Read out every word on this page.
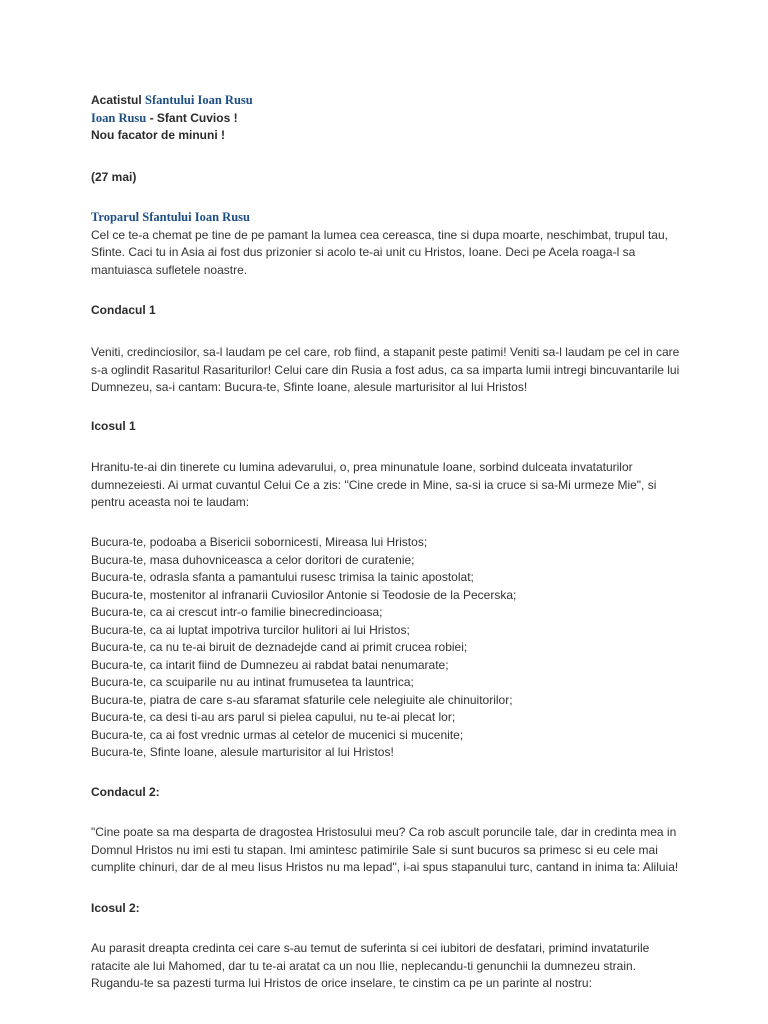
Acatistul Sfantului Ioan Rusu
Ioan Rusu - Sfant Cuvios !
Nou facator de minuni !
(27 mai)
Troparul Sfantului Ioan Rusu

Cel ce te-a chemat pe tine de pe pamant la lumea cea cereasca, tine si dupa moarte, neschimbat, trupul tau, Sfinte. Caci tu in Asia ai fost dus prizonier si acolo te-ai unit cu Hristos, Ioane. Deci pe Acela roaga-l sa mantuiasca sufletele noastre.

Condacul 1

Veniti, credinciosilor, sa-l laudam pe cel care, rob fiind, a stapanit peste patimi! Veniti sa-l laudam pe cel in care s-a oglindit Rasaritul Rasariturilor! Celui care din Rusia a fost adus, ca sa imparta lumii intregi bincuvantarile lui Dumnezeu, sa-i cantam: Bucura-te, Sfinte Ioane, alesule marturisitor al lui Hristos!

Icosul 1

Hranitu-te-ai din tinerete cu lumina adevarului, o, prea minunatule Ioane, sorbind dulceata invataturilor dumnezeiesti. Ai urmat cuvantul Celui Ce a zis: "Cine crede in Mine, sa-si ia cruce si sa-Mi urmeze Mie", si pentru aceasta noi te laudam:

Bucura-te, podoaba a Bisericii sobornicesti, Mireasa lui Hristos;
Bucura-te, masa duhovniceasca a celor doritori de curatenie;
Bucura-te, odrasla sfanta a pamantului rusesc trimisa la tainic apostolat;
Bucura-te, mostenitor al infranarii Cuviosilor Antonie si Teodosie de la Pecerska;
Bucura-te, ca ai crescut intr-o familie binecredincioasa;
Bucura-te, ca ai luptat impotriva turcilor hulitori ai lui Hristos;
Bucura-te, ca nu te-ai biruit de deznadejde cand ai primit crucea robiei;
Bucura-te, ca intarit fiind de Dumnezeu ai rabdat batai nenumarate;
Bucura-te, ca scuiparile nu au intinat frumusetea ta launtrica;
Bucura-te, piatra de care s-au sfaramat sfaturile cele nelegiuite ale chinuitorilor;
Bucura-te, ca desi ti-au ars parul si pielea capului, nu te-ai plecat lor;
Bucura-te, ca ai fost vrednic urmas al cetelor de mucenici si mucenite;
Bucura-te, Sfinte Ioane, alesule marturisitor al lui Hristos!
Condacul 2:

"Cine poate sa ma desparta de dragostea Hristosului meu? Ca rob ascult poruncile tale, dar in credinta mea in Domnul Hristos nu imi esti tu stapan. Imi amintesc patimirile Sale si sunt bucuros sa primesc si eu cele mai cumplite chinuri, dar de al meu Iisus Hristos nu ma lepad", i-ai spus stapanului turc, cantand in inima ta: Aliluia!

Icosul 2:

Au parasit dreapta credinta cei care s-au temut de suferinta si cei iubitori de desfatari, primind invataturile ratacite ale lui Mahomed, dar tu te-ai aratat ca un nou Ilie, neplecandu-ti genunchii la dumnezeu strain. Rugandu-te sa pazesti turma lui Hristos de orice inselare, te cinstim ca pe un parinte al nostru:
